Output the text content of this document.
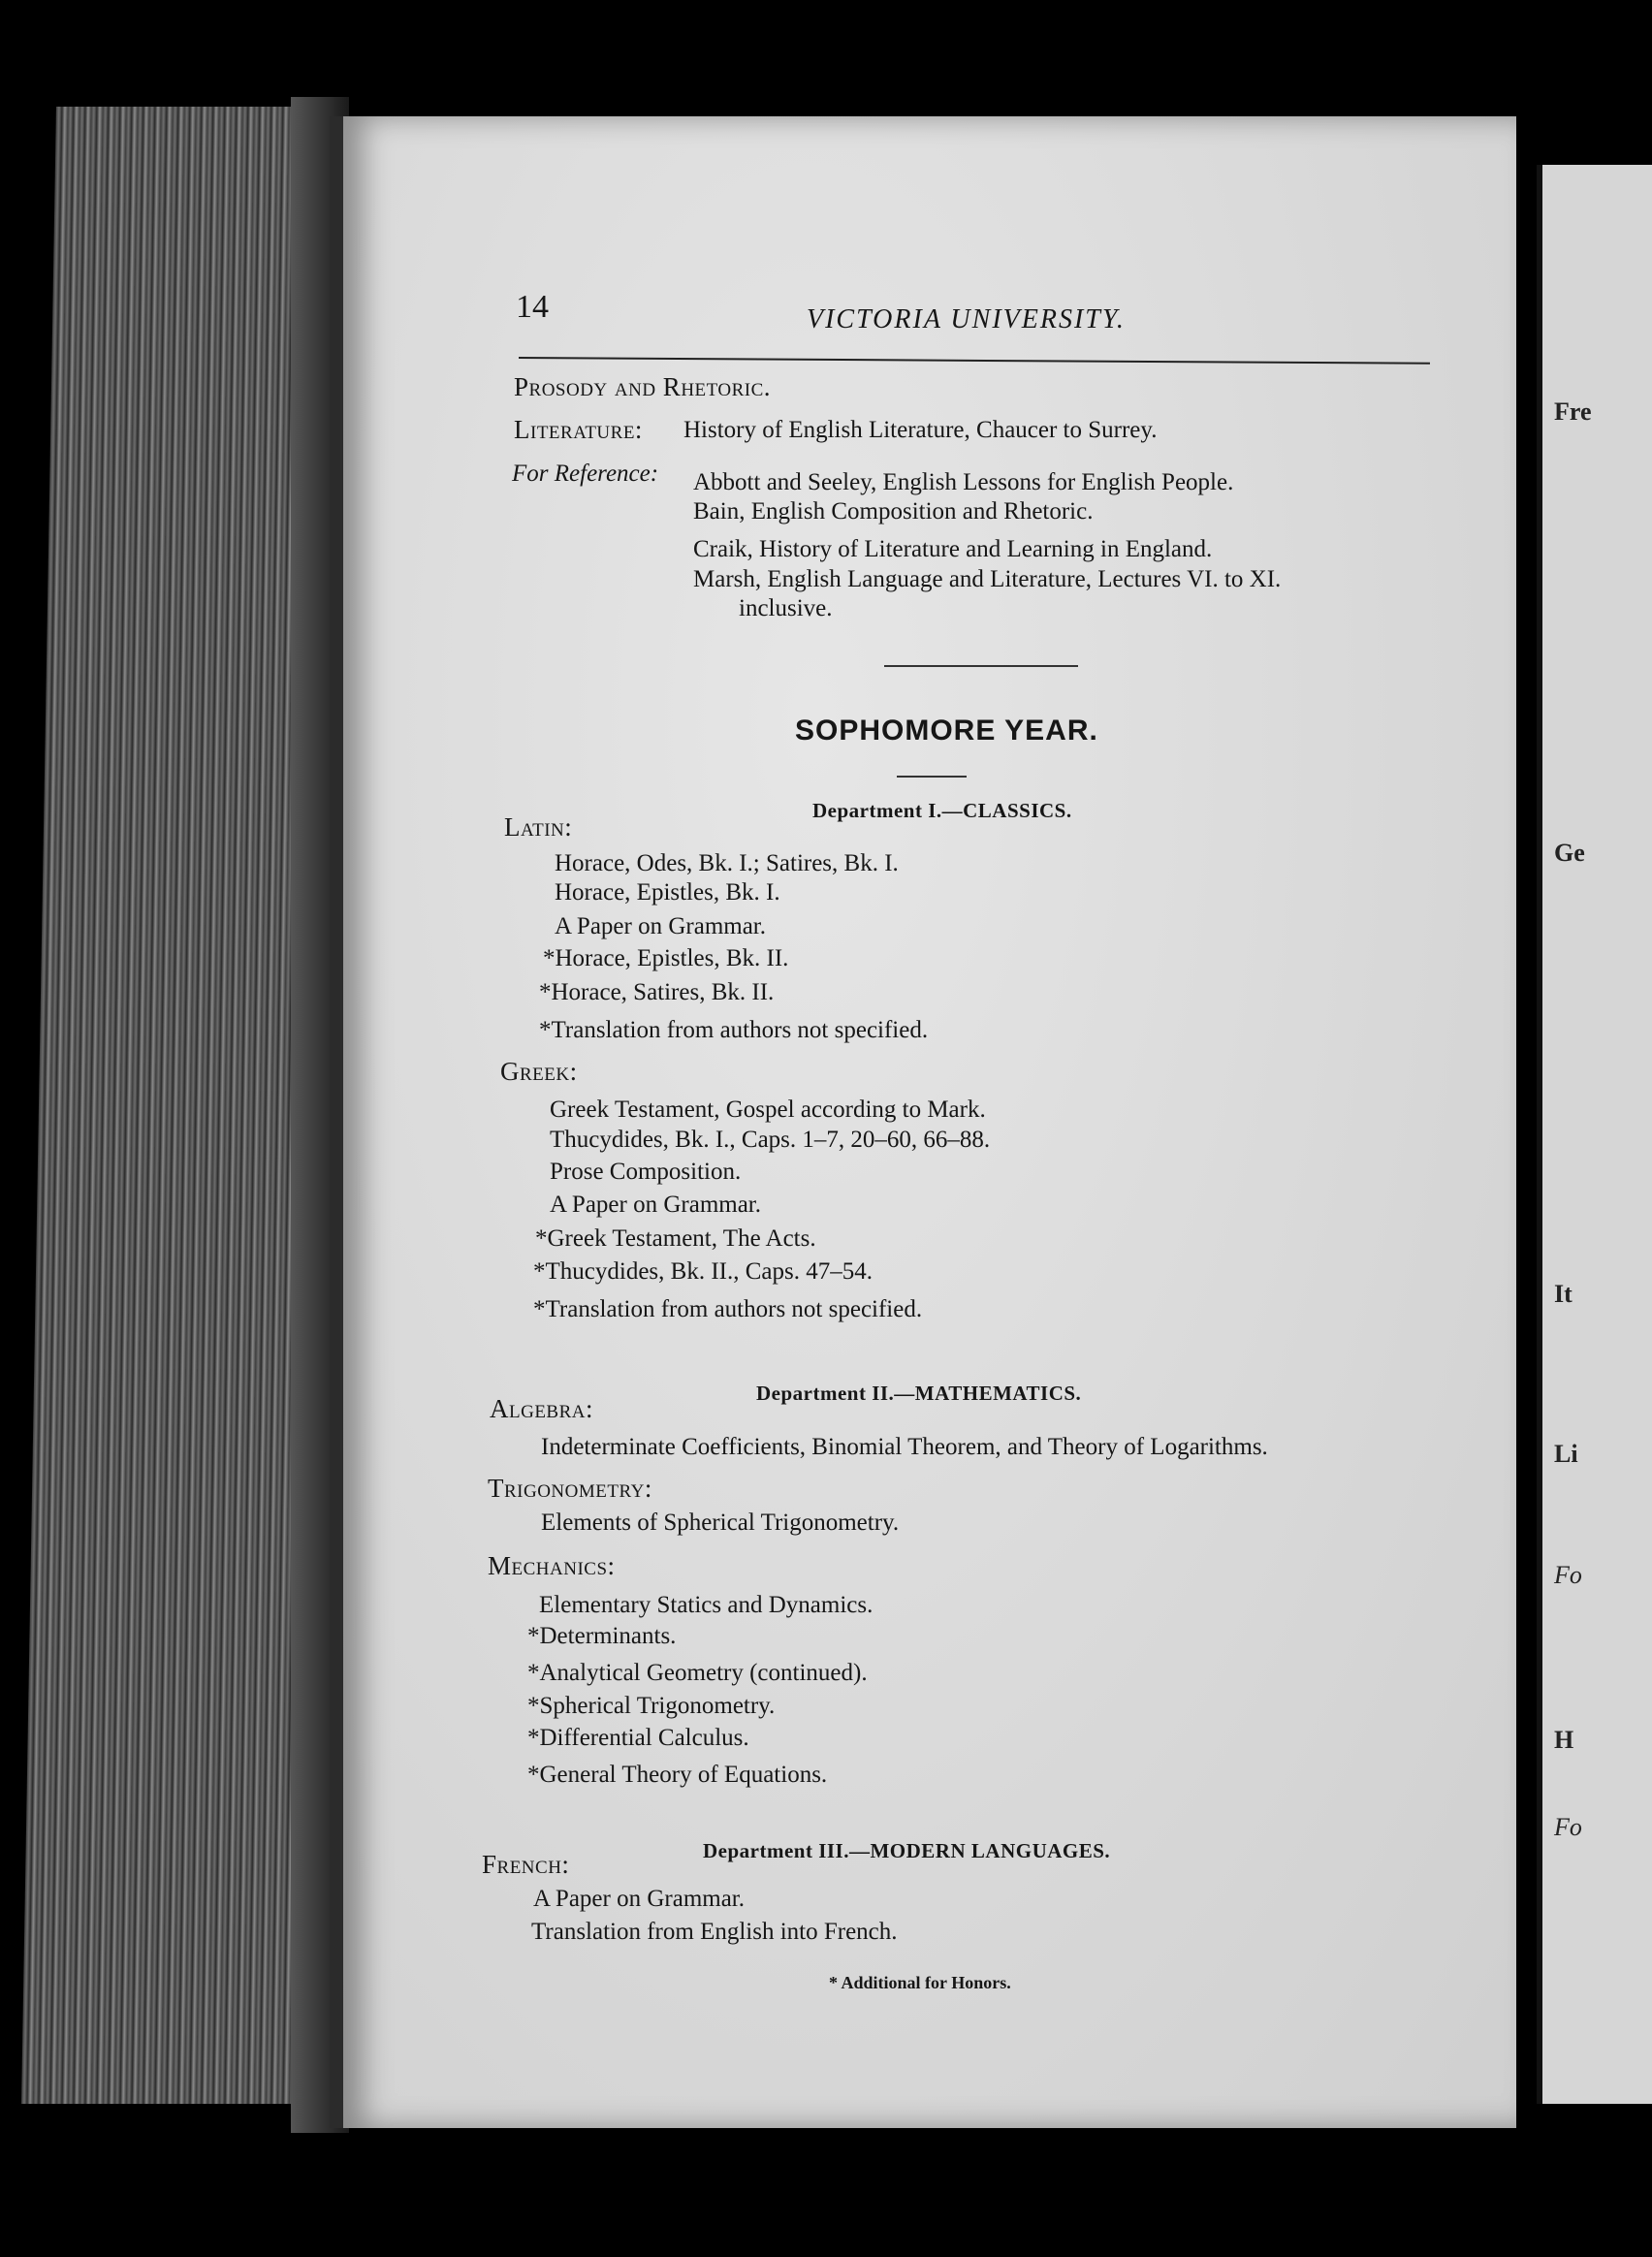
Fre
Ge
It
Li
Fo
H
Fo
14	VICTORIA UNIVERSITY.
Prosody and Rhetoric.
Literature: History of English Literature, Chaucer to Surrey.
For Reference: Abbott and Seeley, English Lessons for English People.
Bain, English Composition and Rhetoric.
Craik, History of Literature and Learning in England.
Marsh, English Language and Literature, Lectures VI. to XI.
inclusive.
SOPHOMORE YEAR.
Department I.—CLASSICS.
Latin:
Horace, Odes, Bk. I.; Satires, Bk. I.
Horace, Epistles, Bk. I.
A Paper on Grammar.
*Horace, Epistles, Bk. II.
*Horace, Satires, Bk. II.
*Translation from authors not specified.
Greek:
Greek Testament, Gospel according to Mark.
Thucydides, Bk. I., Caps. 1–7, 20–60, 66–88.
Prose Composition.
A Paper on Grammar.
*Greek Testament, The Acts.
*Thucydides, Bk. II., Caps. 47–54.
*Translation from authors not specified.
Department II.—MATHEMATICS.
Algebra:
Indeterminate Coefficients, Binomial Theorem, and Theory of Logarithms.
Trigonometry:
Elements of Spherical Trigonometry.
Mechanics:
Elementary Statics and Dynamics.
*Determinants.
*Analytical Geometry (continued).
*Spherical Trigonometry.
*Differential Calculus.
*General Theory of Equations.
Department III.—MODERN LANGUAGES.
French:
A Paper on Grammar.
Translation from English into French.
* Additional for Honors.
